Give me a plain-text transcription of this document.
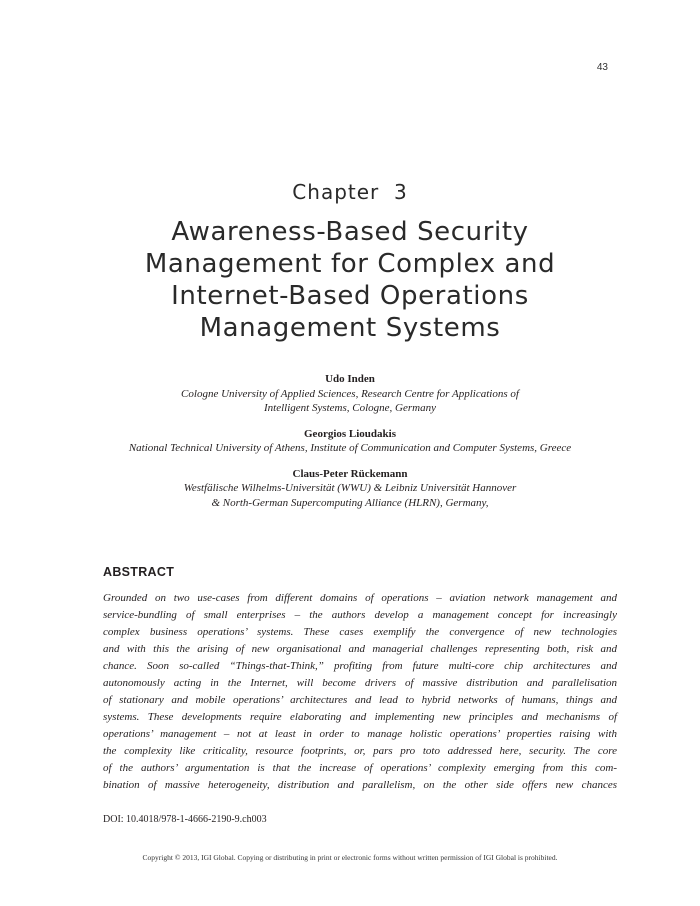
43
Chapter  3
Awareness-Based Security Management for Complex and Internet-Based Operations Management Systems
Udo Inden
Cologne University of Applied Sciences, Research Centre for Applications of
Intelligent Systems, Cologne, Germany
Georgios Lioudakis
National Technical University of Athens, Institute of Communication and Computer Systems, Greece
Claus-Peter Rückemann
Westfälische Wilhelms-Universität (WWU) & Leibniz Universität Hannover
& North-German Supercomputing Alliance (HLRN), Germany,
ABSTRACT
Grounded on two use-cases from different domains of operations – aviation network management and
service-bundling of small enterprises – the authors develop a management concept for increasingly
complex business operations’ systems. These cases exemplify the convergence of new technologies
and with this the arising of new organisational and managerial challenges representing both, risk and
chance. Soon so-called “Things-that-Think,” profiting from future multi-core chip architectures and
autonomously acting in the Internet, will become drivers of massive distribution and parallelisation
of stationary and mobile operations’ architectures and lead to hybrid networks of humans, things and
systems. These developments require elaborating and implementing new principles and mechanisms of
operations’ management – not at least in order to manage holistic operations’ properties raising with
the complexity like criticality, resource footprints, or, pars pro toto addressed here, security. The core
of the authors’ argumentation is that the increase of operations’ complexity emerging from this com-
bination of massive heterogeneity, distribution and parallelism, on the other side offers new chances
DOI: 10.4018/978-1-4666-2190-9.ch003
Copyright © 2013, IGI Global. Copying or distributing in print or electronic forms without written permission of IGI Global is prohibited.
